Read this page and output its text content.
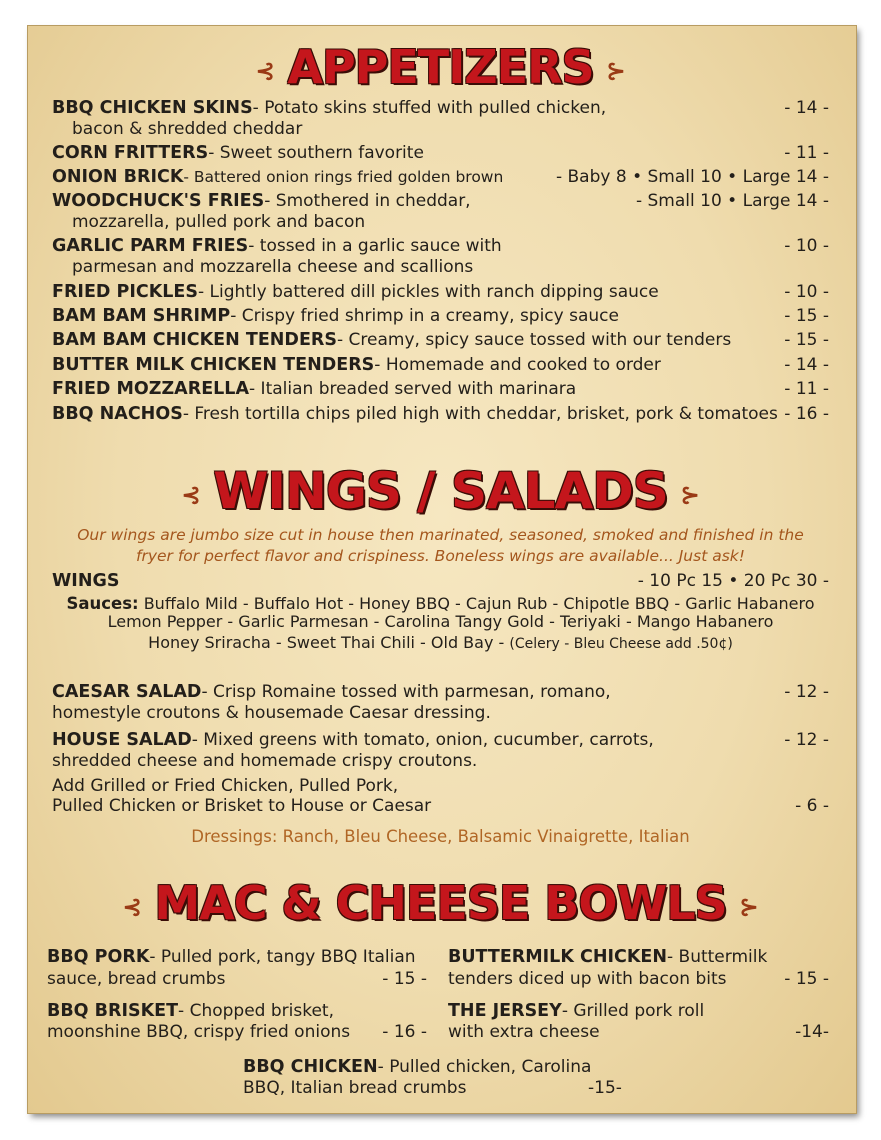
⊰ APPETIZERS ⊱
BBQ CHICKEN SKINS- Potato skins stuffed with pulled chicken,
bacon & shredded cheddar
- 14 -
CORN FRITTERS- Sweet southern favorite	- 11 -
ONION BRICK- Battered onion rings fried golden brown	- Baby 8 • Small 10 • Large 14 -
WOODCHUCK'S FRIES- Smothered in cheddar,
mozzarella, pulled pork and bacon
- Small 10 • Large 14 -
GARLIC PARM FRIES- tossed in a garlic sauce with
parmesan and mozzarella cheese and scallions
- 10 -
FRIED PICKLES- Lightly battered dill pickles with ranch dipping sauce	- 10 -
BAM BAM SHRIMP- Crispy fried shrimp in a creamy, spicy sauce	- 15 -
BAM BAM CHICKEN TENDERS- Creamy, spicy sauce tossed with our tenders	- 15 -
BUTTER MILK CHICKEN TENDERS- Homemade and cooked to order	- 14 -
FRIED MOZZARELLA- Italian breaded served with marinara	- 11 -
BBQ NACHOS- Fresh tortilla chips piled high with cheddar, brisket, pork & tomatoes - 16 -
⊰ WINGS / SALADS ⊱
Our wings are jumbo size cut in house then marinated, seasoned, smoked and finished in the
fryer for perfect flavor and crispiness. Boneless wings are available... Just ask!
WINGS	- 10 Pc 15 • 20 Pc 30 -
Sauces: Buffalo Mild - Buffalo Hot - Honey BBQ - Cajun Rub - Chipotle BBQ - Garlic Habanero
Lemon Pepper - Garlic Parmesan - Carolina Tangy Gold - Teriyaki - Mango Habanero
Honey Sriracha - Sweet Thai Chili - Old Bay - (Celery - Bleu Cheese add .50¢)
CAESAR SALAD- Crisp Romaine tossed with parmesan, romano,
homestyle croutons & housemade Caesar dressing.
- 12 -
HOUSE SALAD- Mixed greens with tomato, onion, cucumber, carrots,
shredded cheese and homemade crispy croutons.
- 12 -
Add Grilled or Fried Chicken, Pulled Pork,
Pulled Chicken or Brisket to House or Caesar	- 6 -
Dressings: Ranch, Bleu Cheese, Balsamic Vinaigrette, Italian
⊰ MAC & CHEESE BOWLS ⊱
BBQ PORK- Pulled pork, tangy BBQ Italian
sauce, bread crumbs	- 15 -
BUTTERMILK CHICKEN- Buttermilk
tenders diced up with bacon bits	- 15 -
BBQ BRISKET- Chopped brisket,
moonshine BBQ, crispy fried onions - 16 -
THE JERSEY- Grilled pork roll
with extra cheese	-14-
BBQ CHICKEN- Pulled chicken, Carolina
BBQ, Italian bread crumbs	-15-
